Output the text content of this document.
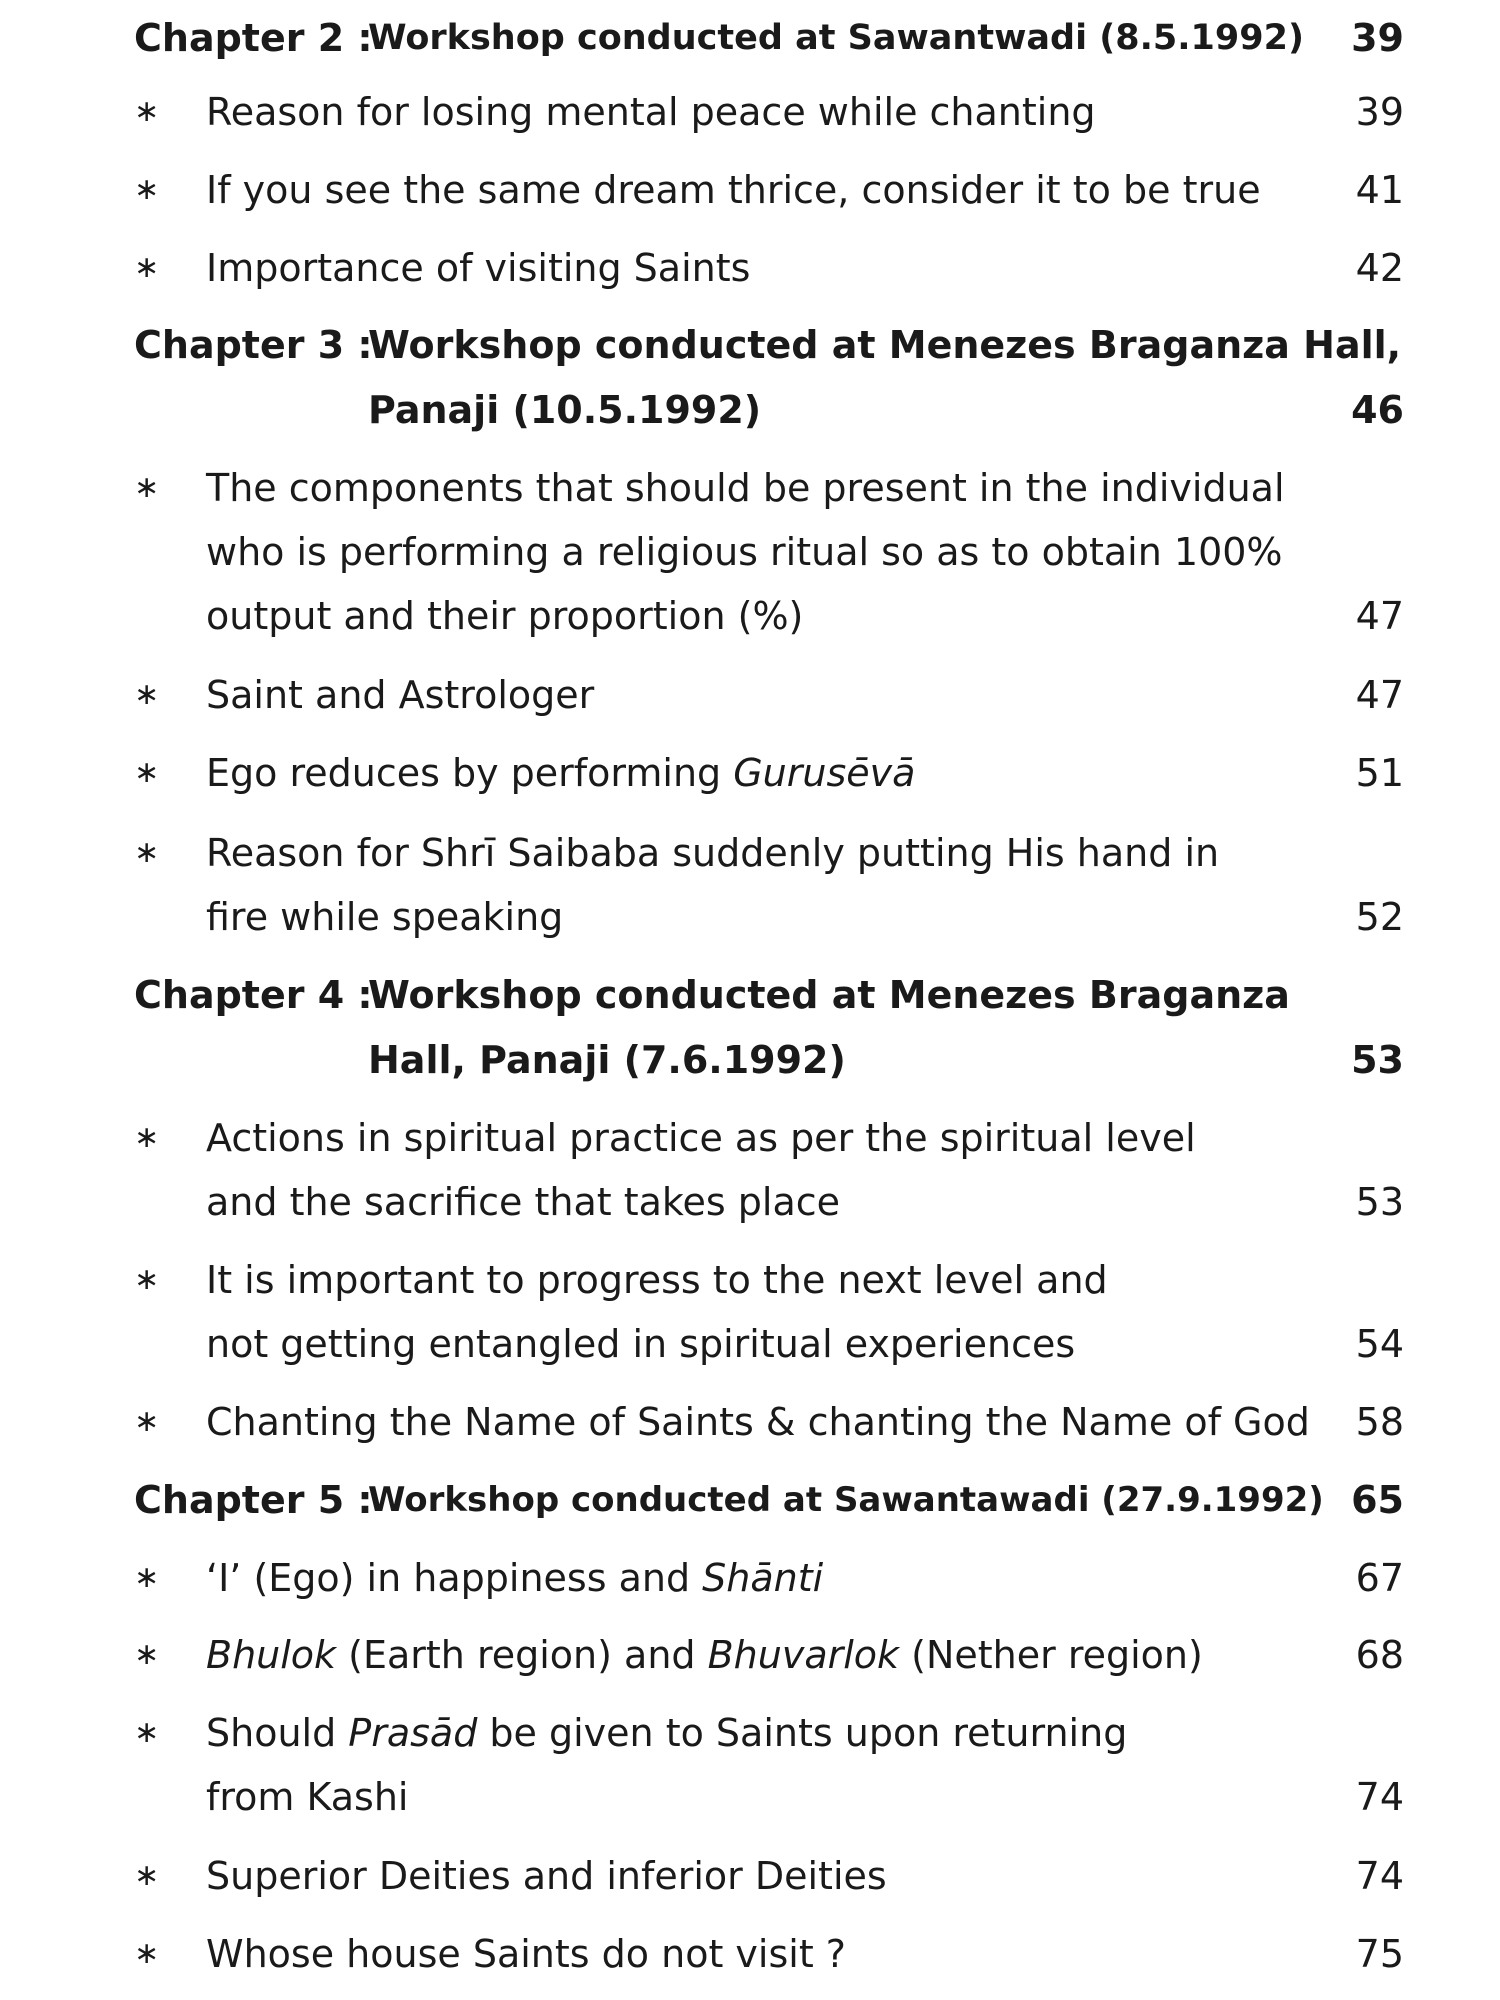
Chapter 2 :
Workshop conducted at Sawantwadi (8.5.1992) 39
∗	Reason for losing mental peace while chanting	39
∗	If you see the same dream thrice, consider it to be true	41
∗	Importance of visiting Saints	42
Chapter 3 :
Workshop conducted at Menezes Braganza Hall,
Panaji (10.5.1992)	46
∗	The components that should be present in the individual
who is performing a religious ritual so as to obtain 100%
output and their proportion (%)	47
∗	Saint and Astrologer	47
∗	Ego reduces by performing Gurusēvā	51
∗	Reason for Shrī Saibaba suddenly putting His hand in
fire while speaking	52
Chapter 4 :
Workshop conducted at Menezes Braganza
Hall, Panaji (7.6.1992)	53
∗	Actions in spiritual practice as per the spiritual level
and the sacrifice that takes place	53
∗	It is important to progress to the next level and
not getting entangled in spiritual experiences	54
∗	Chanting the Name of Saints & chanting the Name of God 58
Chapter 5 :
Workshop conducted at Sawantawadi (27.9.1992) 65
∗	‘I’ (Ego) in happiness and Shānti	67
∗	Bhulok (Earth region) and Bhuvarlok (Nether region)	68
∗	Should Prasād be given to Saints upon returning
from Kashi	74
∗	Superior Deities and inferior Deities	74
∗	Whose house Saints do not visit ?	75
